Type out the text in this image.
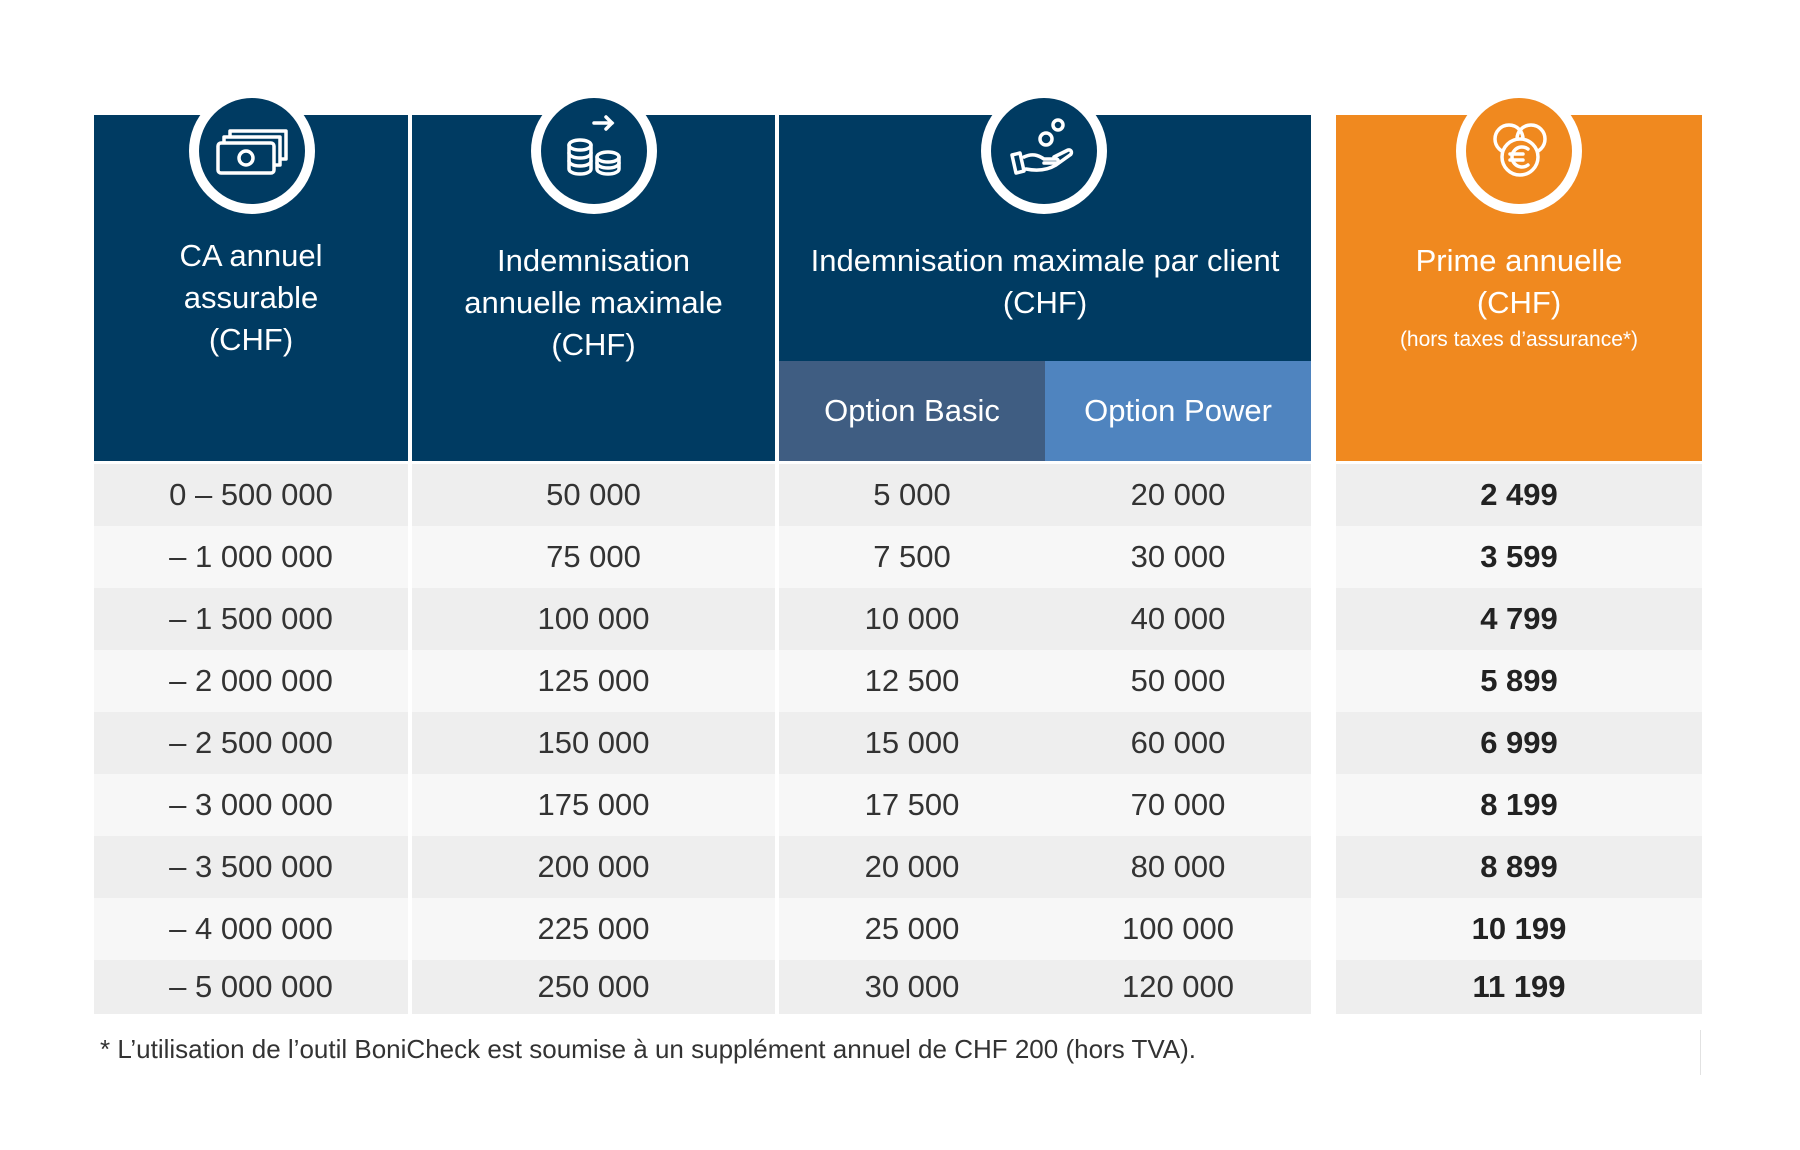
CA annuel
assurable
(CHF)
Indemnisation
annuelle maximale
(CHF)
Indemnisation maximale par client
(CHF)
Option Basic	Option Power
Prime annuelle
(CHF)
(hors taxes d’assurance*)
0 – 500 000	50 000	5 000	20 000	2 499
– 1 000 000	75 000	7 500	30 000	3 599
– 1 500 000	100 000	10 000	40 000	4 799
– 2 000 000	125 000	12 500	50 000	5 899
– 2 500 000	150 000	15 000	60 000	6 999
– 3 000 000	175 000	17 500	70 000	8 199
– 3 500 000	200 000	20 000	80 000	8 899
– 4 000 000	225 000	25 000	100 000	10 199
– 5 000 000	250 000	30 000	120 000	11 199
* L’utilisation de l’outil BoniCheck est soumise à un supplément annuel de CHF 200 (hors TVA).
